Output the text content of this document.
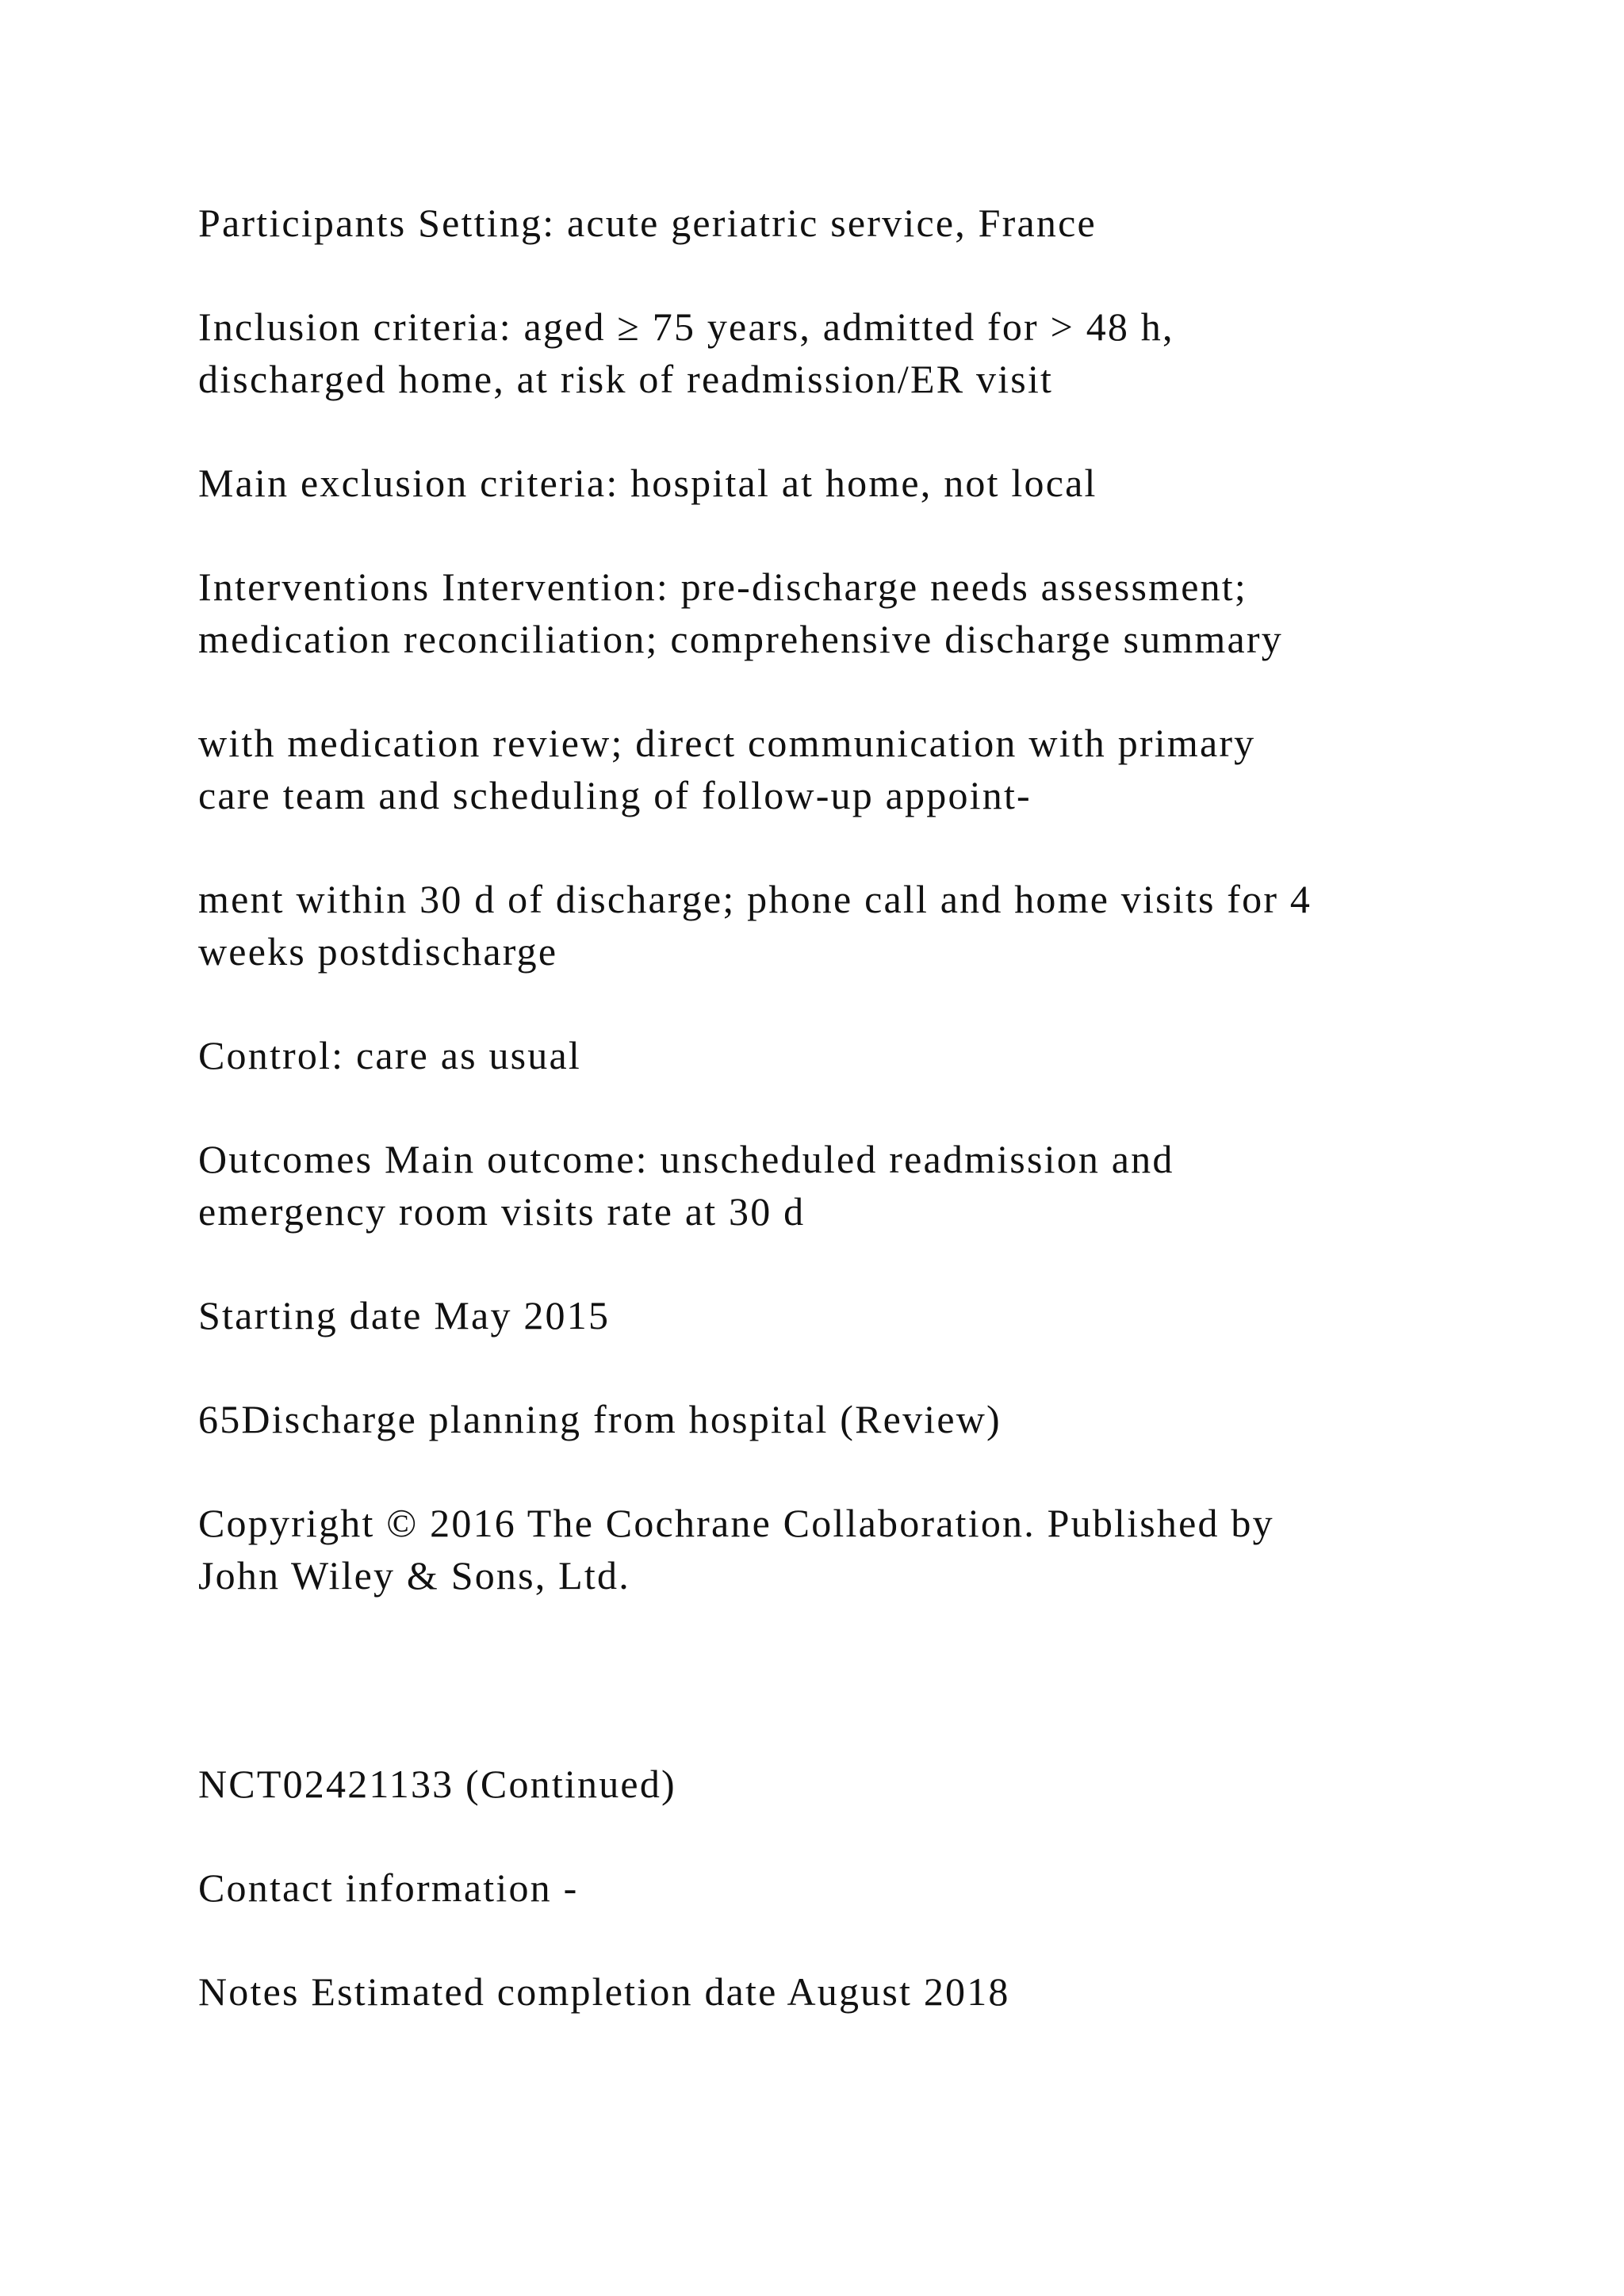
Participants Setting: acute geriatric service, France
Inclusion criteria: aged ≥ 75 years, admitted for > 48 h,
discharged home, at risk of readmission/ER visit
Main exclusion criteria: hospital at home, not local
Interventions Intervention: pre-discharge needs assessment;
medication reconciliation; comprehensive discharge summary
with medication review; direct communication with primary
care team and scheduling of follow-up appoint-
ment within 30 d of discharge; phone call and home visits for 4
weeks postdischarge
Control: care as usual
Outcomes Main outcome: unscheduled readmission and
emergency room visits rate at 30 d
Starting date May 2015
65Discharge planning from hospital (Review)
Copyright © 2016 The Cochrane Collaboration. Published by
John Wiley & Sons, Ltd.
NCT02421133 (Continued)
Contact information -
Notes Estimated completion date August 2018
